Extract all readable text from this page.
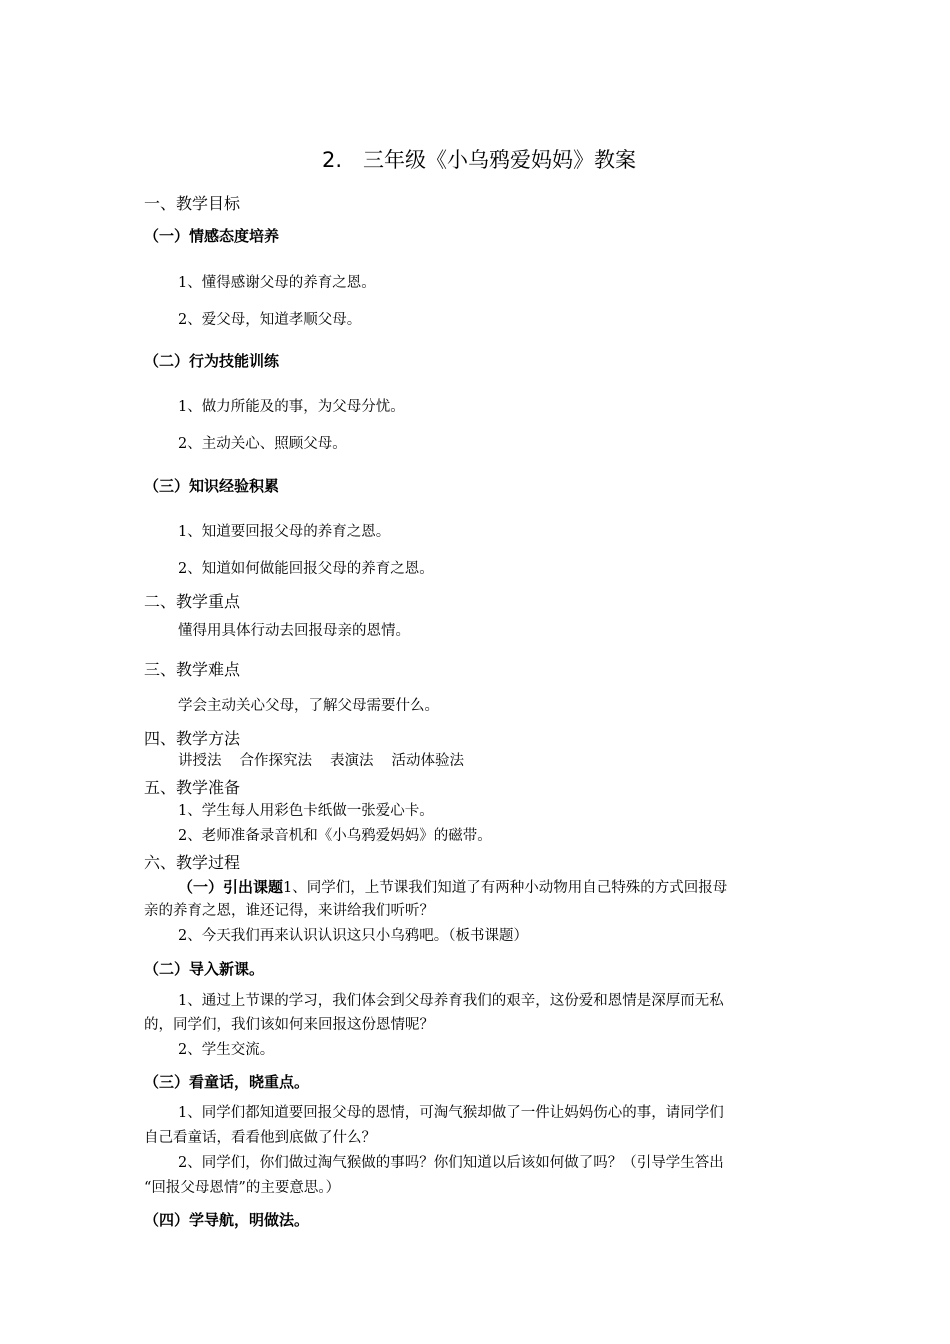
2.　三年级《小乌鸦爱妈妈》教案
一、教学目标
（一）情感态度培养
1、懂得感谢父母的养育之恩。
2、爱父母，知道孝顺父母。
（二）行为技能训练
1、做力所能及的事，为父母分忧。
2、主动关心、照顾父母。
（三）知识经验积累
1、知道要回报父母的养育之恩。
2、知道如何做能回报父母的养育之恩。
二、教学重点
懂得用具体行动去回报母亲的恩情。
三、教学难点
学会主动关心父母，了解父母需要什么。
四、教学方法
讲授法 合作探究法 表演法 活动体验法
五、教学准备
1、学生每人用彩色卡纸做一张爱心卡。
2、老师准备录音机和《小乌鸦爱妈妈》的磁带。
六、教学过程
（一）引出课题1、同学们，上节课我们知道了有两种小动物用自己特殊的方式回报母
亲的养育之恩，谁还记得，来讲给我们听听？
2、今天我们再来认识认识这只小乌鸦吧。（板书课题）
（二）导入新课。
1、通过上节课的学习，我们体会到父母养育我们的艰辛，这份爱和恩情是深厚而无私
的，同学们，我们该如何来回报这份恩情呢？
2、学生交流。
（三）看童话，晓重点。
1、同学们都知道要回报父母的恩情，可淘气猴却做了一件让妈妈伤心的事，请同学们
自己看童话，看看他到底做了什么？
2、同学们，你们做过淘气猴做的事吗？你们知道以后该如何做了吗？（引导学生答出
“回报父母恩情”的主要意思。）
（四）学导航，明做法。
